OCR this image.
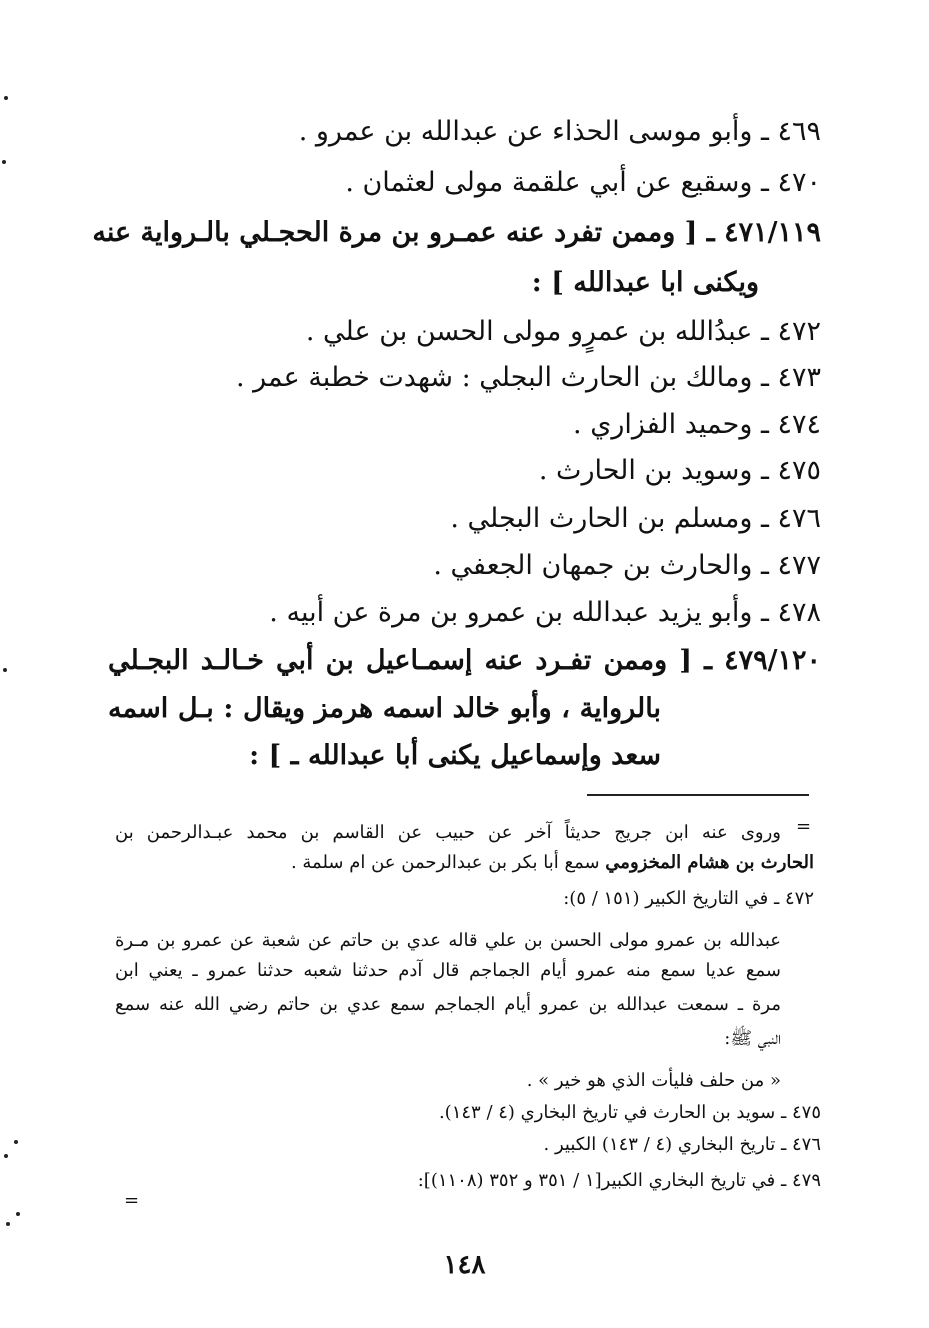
٤٦٩ ـ وأبو موسى الحذاء عن عبدالله بن عمرو .
٤٧٠ ـ وسقيع عن أبي علقمة مولى لعثمان .
٤٧١/١١٩ ـ [ وممن تفرد عنه عمـرو بن مرة الحجـلي بالـرواية عنه
ويكنى ابا عبدالله ] :
٤٧٢ ـ عبدُالله بن عمرٍو مولى الحسن بن علي .
٤٧٣ ـ ومالك بن الحارث البجلي : شهدت خطبة عمر .
٤٧٤ ـ وحميد الفزاري .
٤٧٥ ـ وسويد بن الحارث .
٤٧٦ ـ ومسلم بن الحارث البجلي .
٤٧٧ ـ والحارث بن جمهان الجعفي .
٤٧٨ ـ وأبو يزيد عبدالله بن عمرو بن مرة عن أبيه .
٤٧٩/١٢٠ ـ [ وممن تفـرد عنه إسمـاعيل بن أبي خـالـد البجـلي
بالرواية ، وأبو خالد اسمه هرمز ويقال : بـل اسمه
سعد وإسماعيل يكنى أبا عبدالله ـ ] :
=
وروى عنه ابن جريج حديثاً آخر عن حبيب عن القاسم بن محمد عبـدالرحمن بن
الحارث بن هشام المخزومي سمع أبا بكر بن عبدالرحمن عن ام سلمة .
٤٧٢ ـ في التاريخ الكبير (١٥١ / ٥):
عبدالله بن عمرو مولى الحسن بن علي قاله عدي بن حاتم عن شعبة عن عمرو بن مـرة
سمع عديا سمع منه عمرو أيام الجماجم قال آدم حدثنا شعبه حدثنا عمرو ـ يعني ابن
مرة ـ سمعت عبدالله بن عمرو أيام الجماجم سمع عدي بن حاتم رضي الله عنه سمع
النبي ﷺ:
« من حلف فليأت الذي هو خير » .
٤٧٥ ـ سويد بن الحارث في تاريخ البخاري (٤ / ١٤٣).
٤٧٦ ـ تاريخ البخاري (٤ / ١٤٣) الكبير .
٤٧٩ ـ في تاريخ البخاري الكبير[١ / ٣٥١ و ٣٥٢ (١١٠٨)]:
=
١٤٨
